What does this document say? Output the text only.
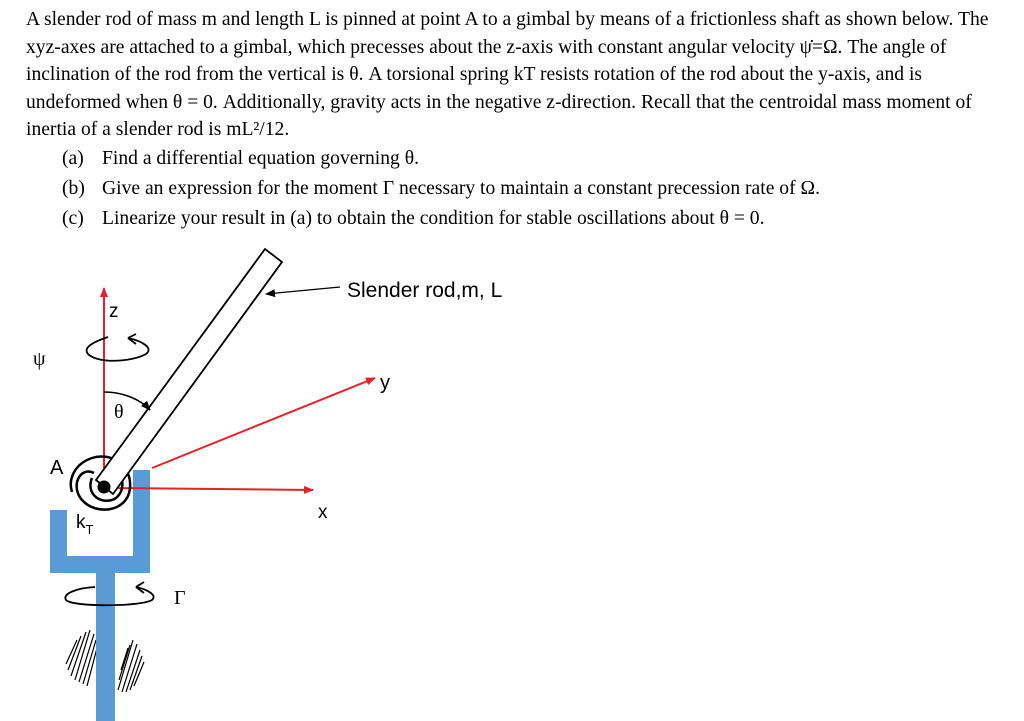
A slender rod of mass m and length L is pinned at point A to a gimbal by means of a frictionless shaft as shown below. The xyz-axes are attached to a gimbal, which precesses about the z-axis with constant angular velocity ψ̇=Ω. The angle of inclination of the rod from the vertical is θ. A torsional spring kT resists rotation of the rod about the y-axis, and is undeformed when θ = 0. Additionally, gravity acts in the negative z-direction. Recall that the centroidal mass moment of inertia of a slender rod is mL²/12.

(a) Find a differential equation governing θ.
(b) Give an expression for the moment Γ necessary to maintain a constant precession rate of Ω.
(c) Linearize your result in (a) to obtain the condition for stable oscillations about θ = 0.
Slender rod,m, L
z
y
x
ψ
θ
A
$k_T$
Γ
